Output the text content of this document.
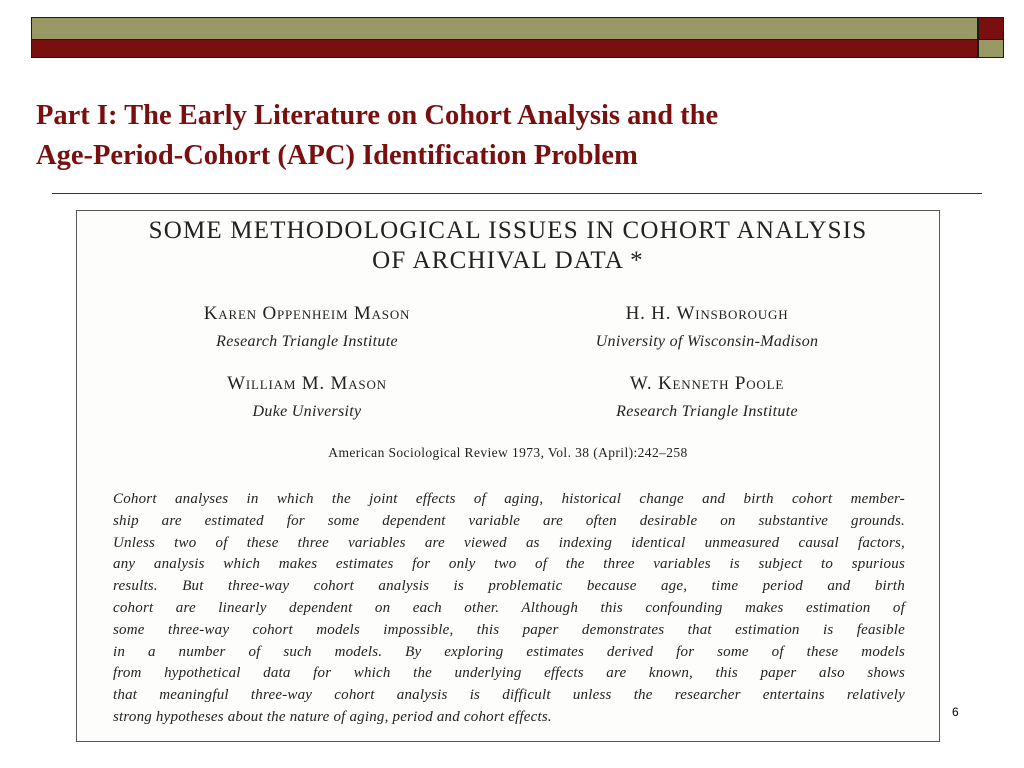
Part I: The Early Literature on Cohort Analysis and the
Age-Period-Cohort (APC) Identification Problem
SOME METHODOLOGICAL ISSUES IN COHORT ANALYSIS
OF ARCHIVAL DATA *
Karen Oppenheim Mason
Research Triangle Institute
William M. Mason
Duke University
H. H. Winsborough
University of Wisconsin-Madison
W. Kenneth Poole
Research Triangle Institute
American Sociological Review 1973, Vol. 38 (April):242–258
Cohort analyses in which the joint effects of aging, historical change and birth cohort member-
ship are estimated for some dependent variable are often desirable on substantive grounds.
Unless two of these three variables are viewed as indexing identical unmeasured causal factors,
any analysis which makes estimates for only two of the three variables is subject to spurious
results. But three-way cohort analysis is problematic because age, time period and birth
cohort are linearly dependent on each other. Although this confounding makes estimation of
some three-way cohort models impossible, this paper demonstrates that estimation is feasible
in a number of such models. By exploring estimates derived for some of these models
from hypothetical data for which the underlying effects are known, this paper also shows
that meaningful three-way cohort analysis is difficult unless the researcher entertains relatively
strong hypotheses about the nature of aging, period and cohort effects.	6
